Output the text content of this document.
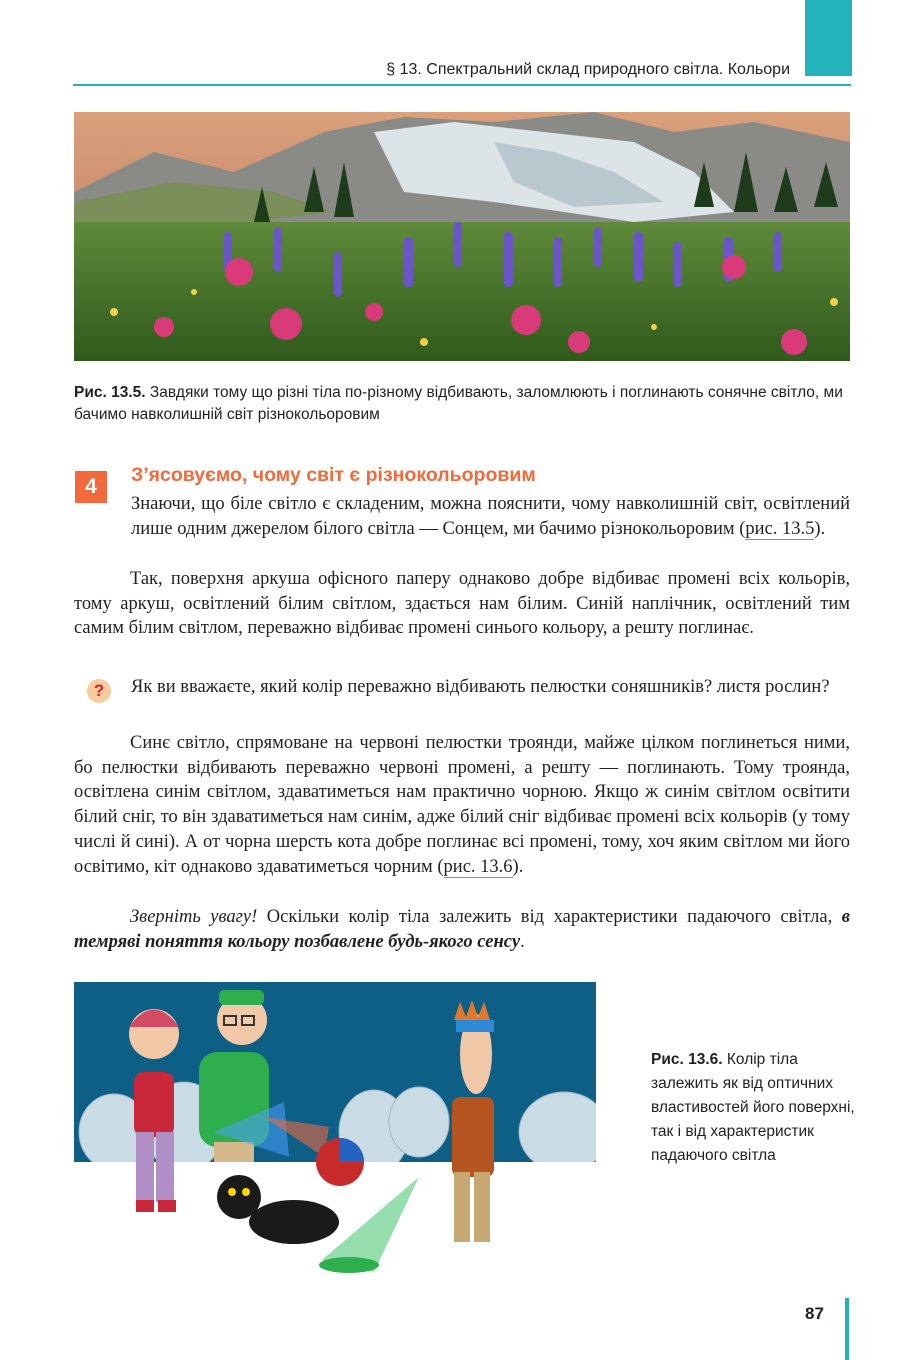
§ 13. Спектральний склад природного світла. Кольори
Рис. 13.5. Завдяки тому що різні тіла по-різному відбивають, заломлюють і поглинають сонячне світло, ми бачимо навколишній світ різнокольоровим
4	З’ясовуємо, чому світ є різнокольоровим

Знаючи, що біле світло є складеним, можна пояснити, чому навколишній світ, освітлений лише одним джерелом білого світла — Сонцем, ми бачимо різнокольоровим (рис. 13.5).

Так, поверхня аркуша офісного паперу однаково добре відбиває промені всіх кольорів, тому аркуш, освітлений білим світлом, здається нам білим. Синій наплічник, освітлений тим самим білим світлом, переважно відбиває промені синього кольору, а решту поглинає.

?	Як ви вважаєте, який колір переважно відбивають пелюстки соняшників? листя рослин?

Синє світло, спрямоване на червоні пелюстки троянди, майже цілком поглинеться ними, бо пелюстки відбивають переважно червоні промені, а решту — поглинають. Тому троянда, освітлена синім світлом, здаватиметься нам практично чорною. Якщо ж синім світлом освітити білий сніг, то він здаватиметься нам синім, адже білий сніг відбиває промені всіх кольорів (у тому числі й сині). А от чорна шерсть кота добре поглинає всі промені, тому, хоч яким світлом ми його освітимо, кіт однаково здаватиметься чорним (рис. 13.6).

Зверніть увагу! Оскільки колір тіла залежить від характеристики падаючого світла, в темряві поняття кольору позбавлене будь-якого сенсу.

Рис. 13.6. Колір тіла залежить як від оптичних властивостей його поверхні, так і від характеристик падаючого світла
87
